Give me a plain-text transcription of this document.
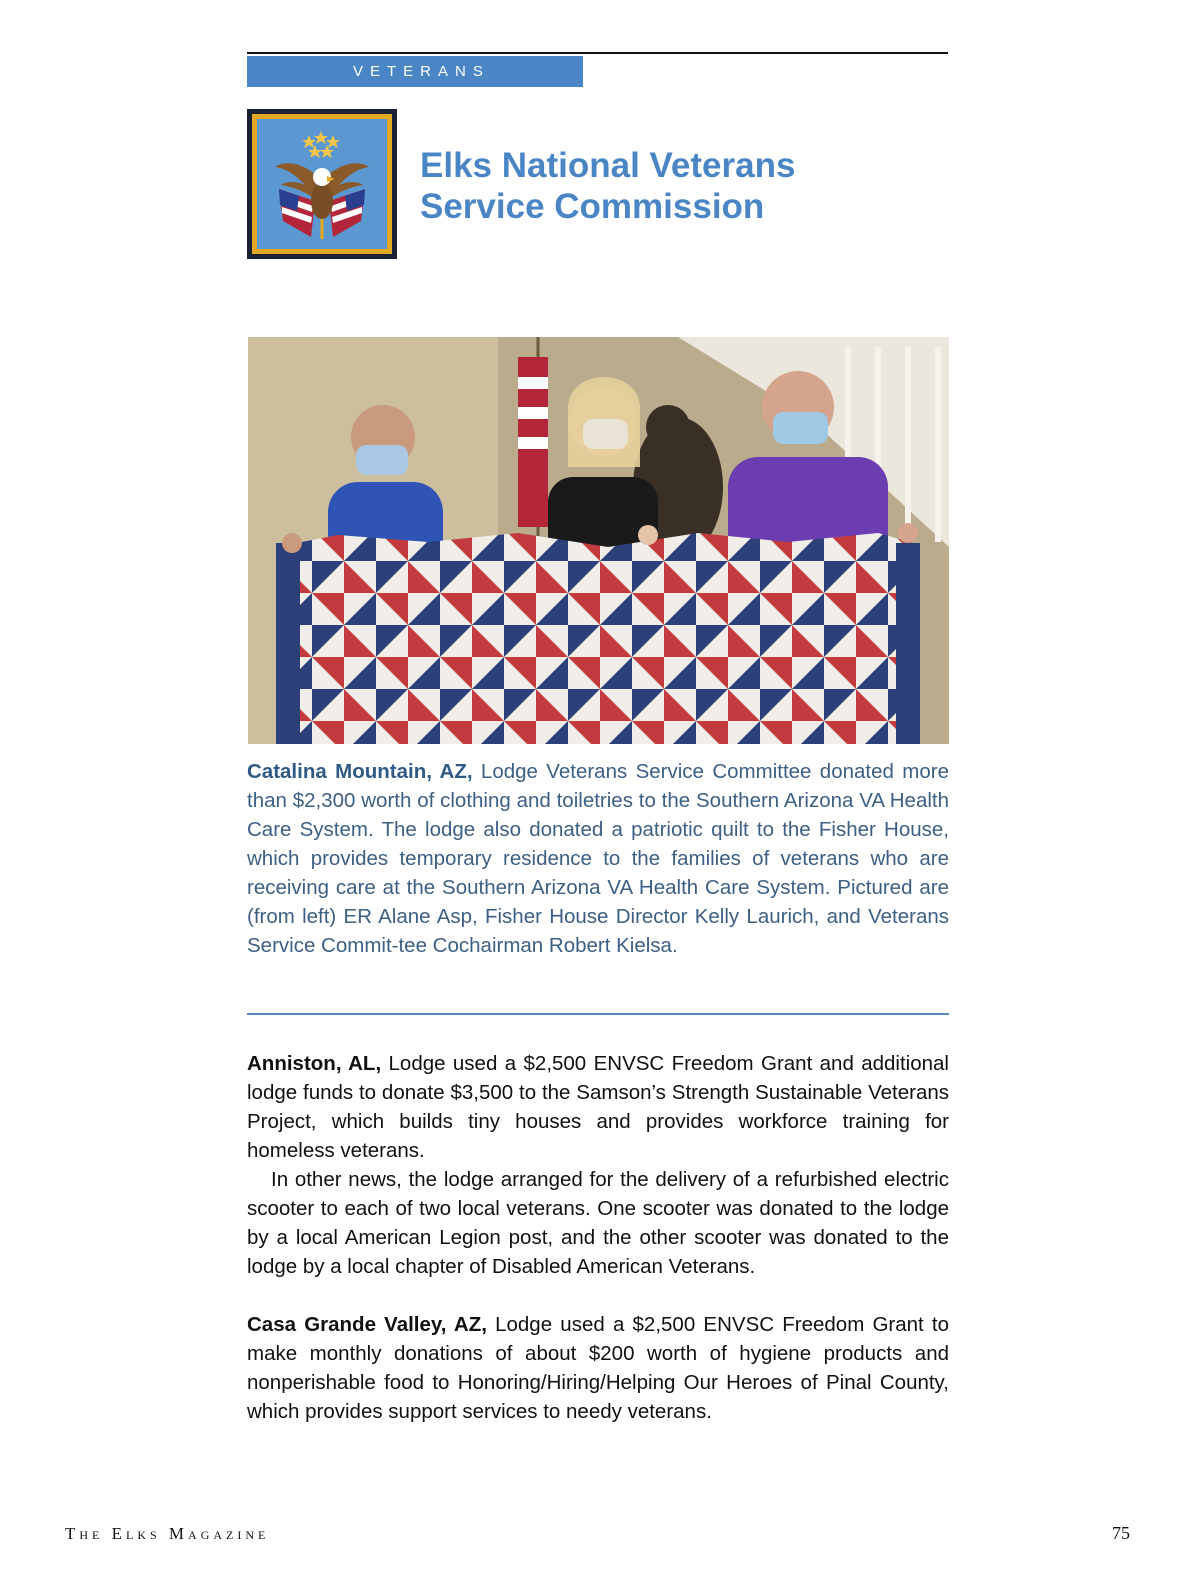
VETERANS
Elks National Veterans
Service Commission
Catalina Mountain, AZ, Lodge Veterans Service Committee donated more than $2,300 worth of clothing and toiletries to the Southern Arizona VA Health Care System. The lodge also donated a patriotic quilt to the Fisher House, which provides temporary residence to the families of veterans who are receiving care at the Southern Arizona VA Health Care System. Pictured are (from left) ER Alane Asp, Fisher House Director Kelly Laurich, and Veterans Service Commit-tee Cochairman Robert Kielsa.

Anniston, AL, Lodge used a $2,500 ENVSC Freedom Grant and additional lodge funds to donate $3,500 to the Samson’s Strength Sustainable Veterans Project, which builds tiny houses and provides workforce training for homeless veterans.

In other news, the lodge arranged for the delivery of a refurbished electric scooter to each of two local veterans. One scooter was donated to the lodge by a local American Legion post, and the other scooter was donated to the lodge by a local chapter of Disabled American Veterans.

Casa Grande Valley, AZ, Lodge used a $2,500 ENVSC Freedom Grant to make monthly donations of about $200 worth of hygiene products and nonperishable food to Honoring/Hiring/Helping Our Heroes of Pinal County, which provides support services to needy veterans.

The Elks Magazine	75
